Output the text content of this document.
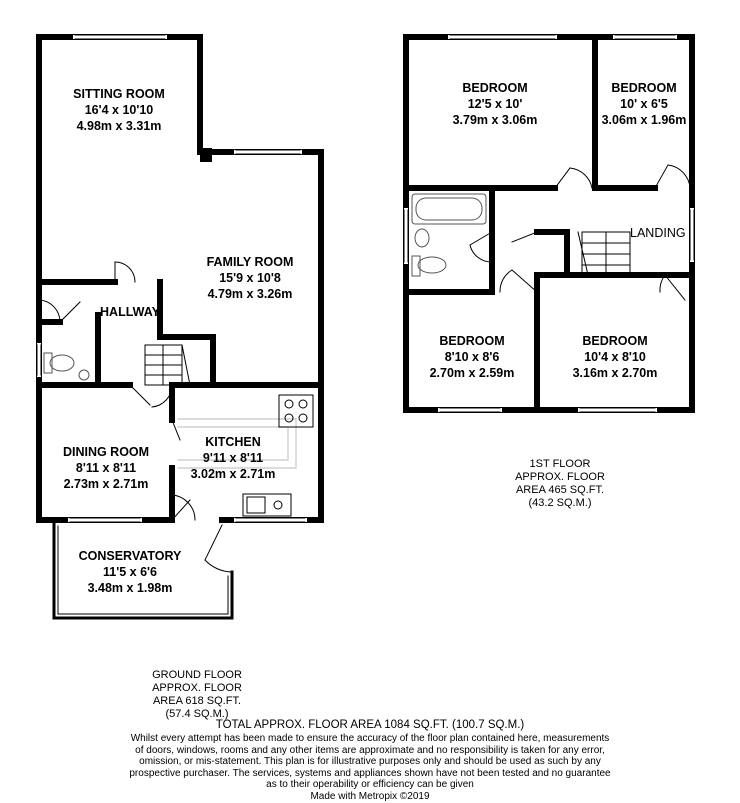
SITTING ROOM
16'4 x 10'10
4.98m x 3.31m
FAMILY ROOM
15'9 x 10'8
4.79m x 3.26m
HALLWAY
DINING ROOM
8'11 x 8'11
2.73m x 2.71m
KITCHEN
9'11 x 8'11
3.02m x 2.71m
CONSERVATORY
11'5 x 6'6
3.48m x 1.98m
BEDROOM
12'5 x 10'
3.79m x 3.06m
BEDROOM
10' x 6'5
3.06m x 1.96m
LANDING
BEDROOM
8'10 x 8'6
2.70m x 2.59m
BEDROOM
10'4 x 8'10
3.16m x 2.70m
1ST FLOOR
APPROX. FLOOR
AREA 465 SQ.FT.
(43.2 SQ.M.)
GROUND FLOOR
APPROX. FLOOR
AREA 618 SQ.FT.
(57.4 SQ.M.)
TOTAL APPROX. FLOOR AREA 1084 SQ.FT. (100.7 SQ.M.)
Whilst every attempt has been made to ensure the accuracy of the floor plan contained here, measurements
of doors, windows, rooms and any other items are approximate and no responsibility is taken for any error,
omission, or mis-statement. This plan is for illustrative purposes only and should be used as such by any
prospective purchaser. The services, systems and appliances shown have not been tested and no guarantee
as to their operability or efficiency can be given
Made with Metropix ©2019
